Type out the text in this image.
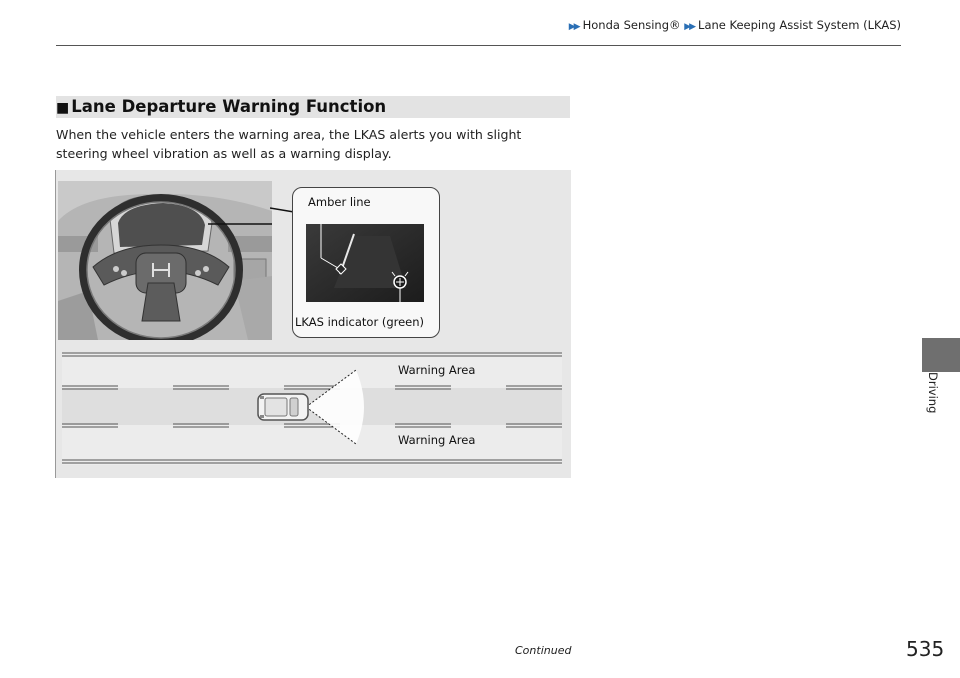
▶▶ Honda Sensing® ▶▶ Lane Keeping Assist System (LKAS)
■ Lane Departure Warning Function
When the vehicle enters the warning area, the LKAS alerts you with slight steering wheel vibration as well as a warning display.
Amber line
LKAS indicator (green)
Warning Area
Warning Area
Driving
Continued	535
